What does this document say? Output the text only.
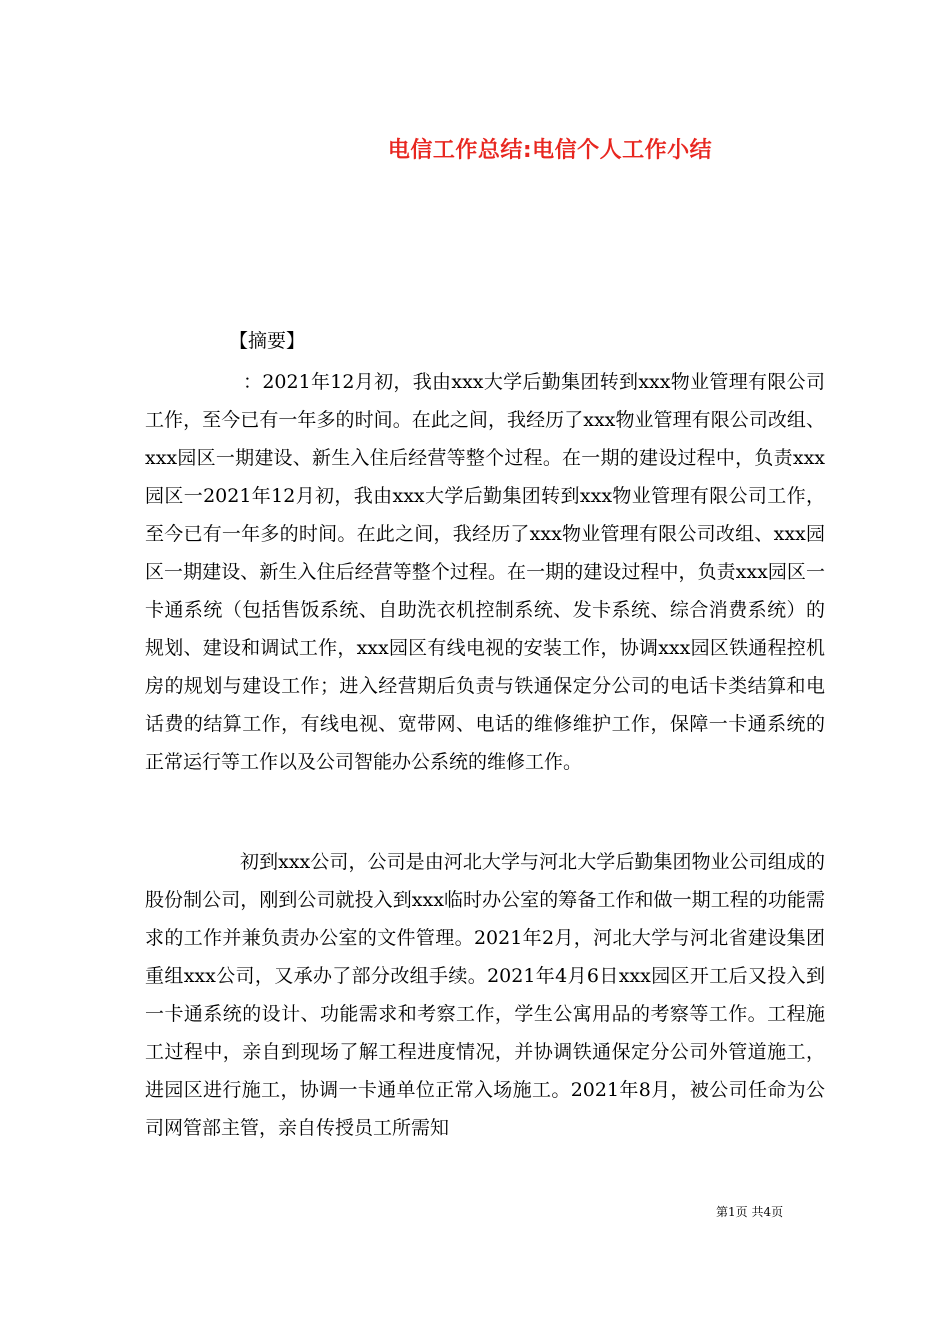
电信工作总结:电信个人工作小结
【摘要】

：2021年12月初，我由xxx大学后勤集团转到xxx物业管理有限公司工作，至今已有一年多的时间。在此之间，我经历了xxx物业管理有限公司改组、xxx园区一期建设、新生入住后经营等整个过程。在一期的建设过程中，负责xxx园区一2021年12月初，我由xxx大学后勤集团转到xxx物业管理有限公司工作，至今已有一年多的时间。在此之间，我经历了xxx物业管理有限公司改组、xxx园区一期建设、新生入住后经营等整个过程。在一期的建设过程中，负责xxx园区一卡通系统（包括售饭系统、自助洗衣机控制系统、发卡系统、综合消费系统）的规划、建设和调试工作，xxx园区有线电视的安装工作，协调xxx园区铁通程控机房的规划与建设工作；进入经营期后负责与铁通保定分公司的电话卡类结算和电话费的结算工作，有线电视、宽带网、电话的维修维护工作，保障一卡通系统的正常运行等工作以及公司智能办公系统的维修工作。

初到xxx公司，公司是由河北大学与河北大学后勤集团物业公司组成的股份制公司，刚到公司就投入到xxx临时办公室的筹备工作和做一期工程的功能需求的工作并兼负责办公室的文件管理。2021年2月，河北大学与河北省建设集团重组xxx公司，又承办了部分改组手续。2021年4月6日xxx园区开工后又投入到一卡通系统的设计、功能需求和考察工作，学生公寓用品的考察等工作。工程施工过程中，亲自到现场了解工程进度情况，并协调铁通保定分公司外管道施工，进园区进行施工，协调一卡通单位正常入场施工。2021年8月，被公司任命为公司网管部主管，亲自传授员工所需知

第1页 共4页
